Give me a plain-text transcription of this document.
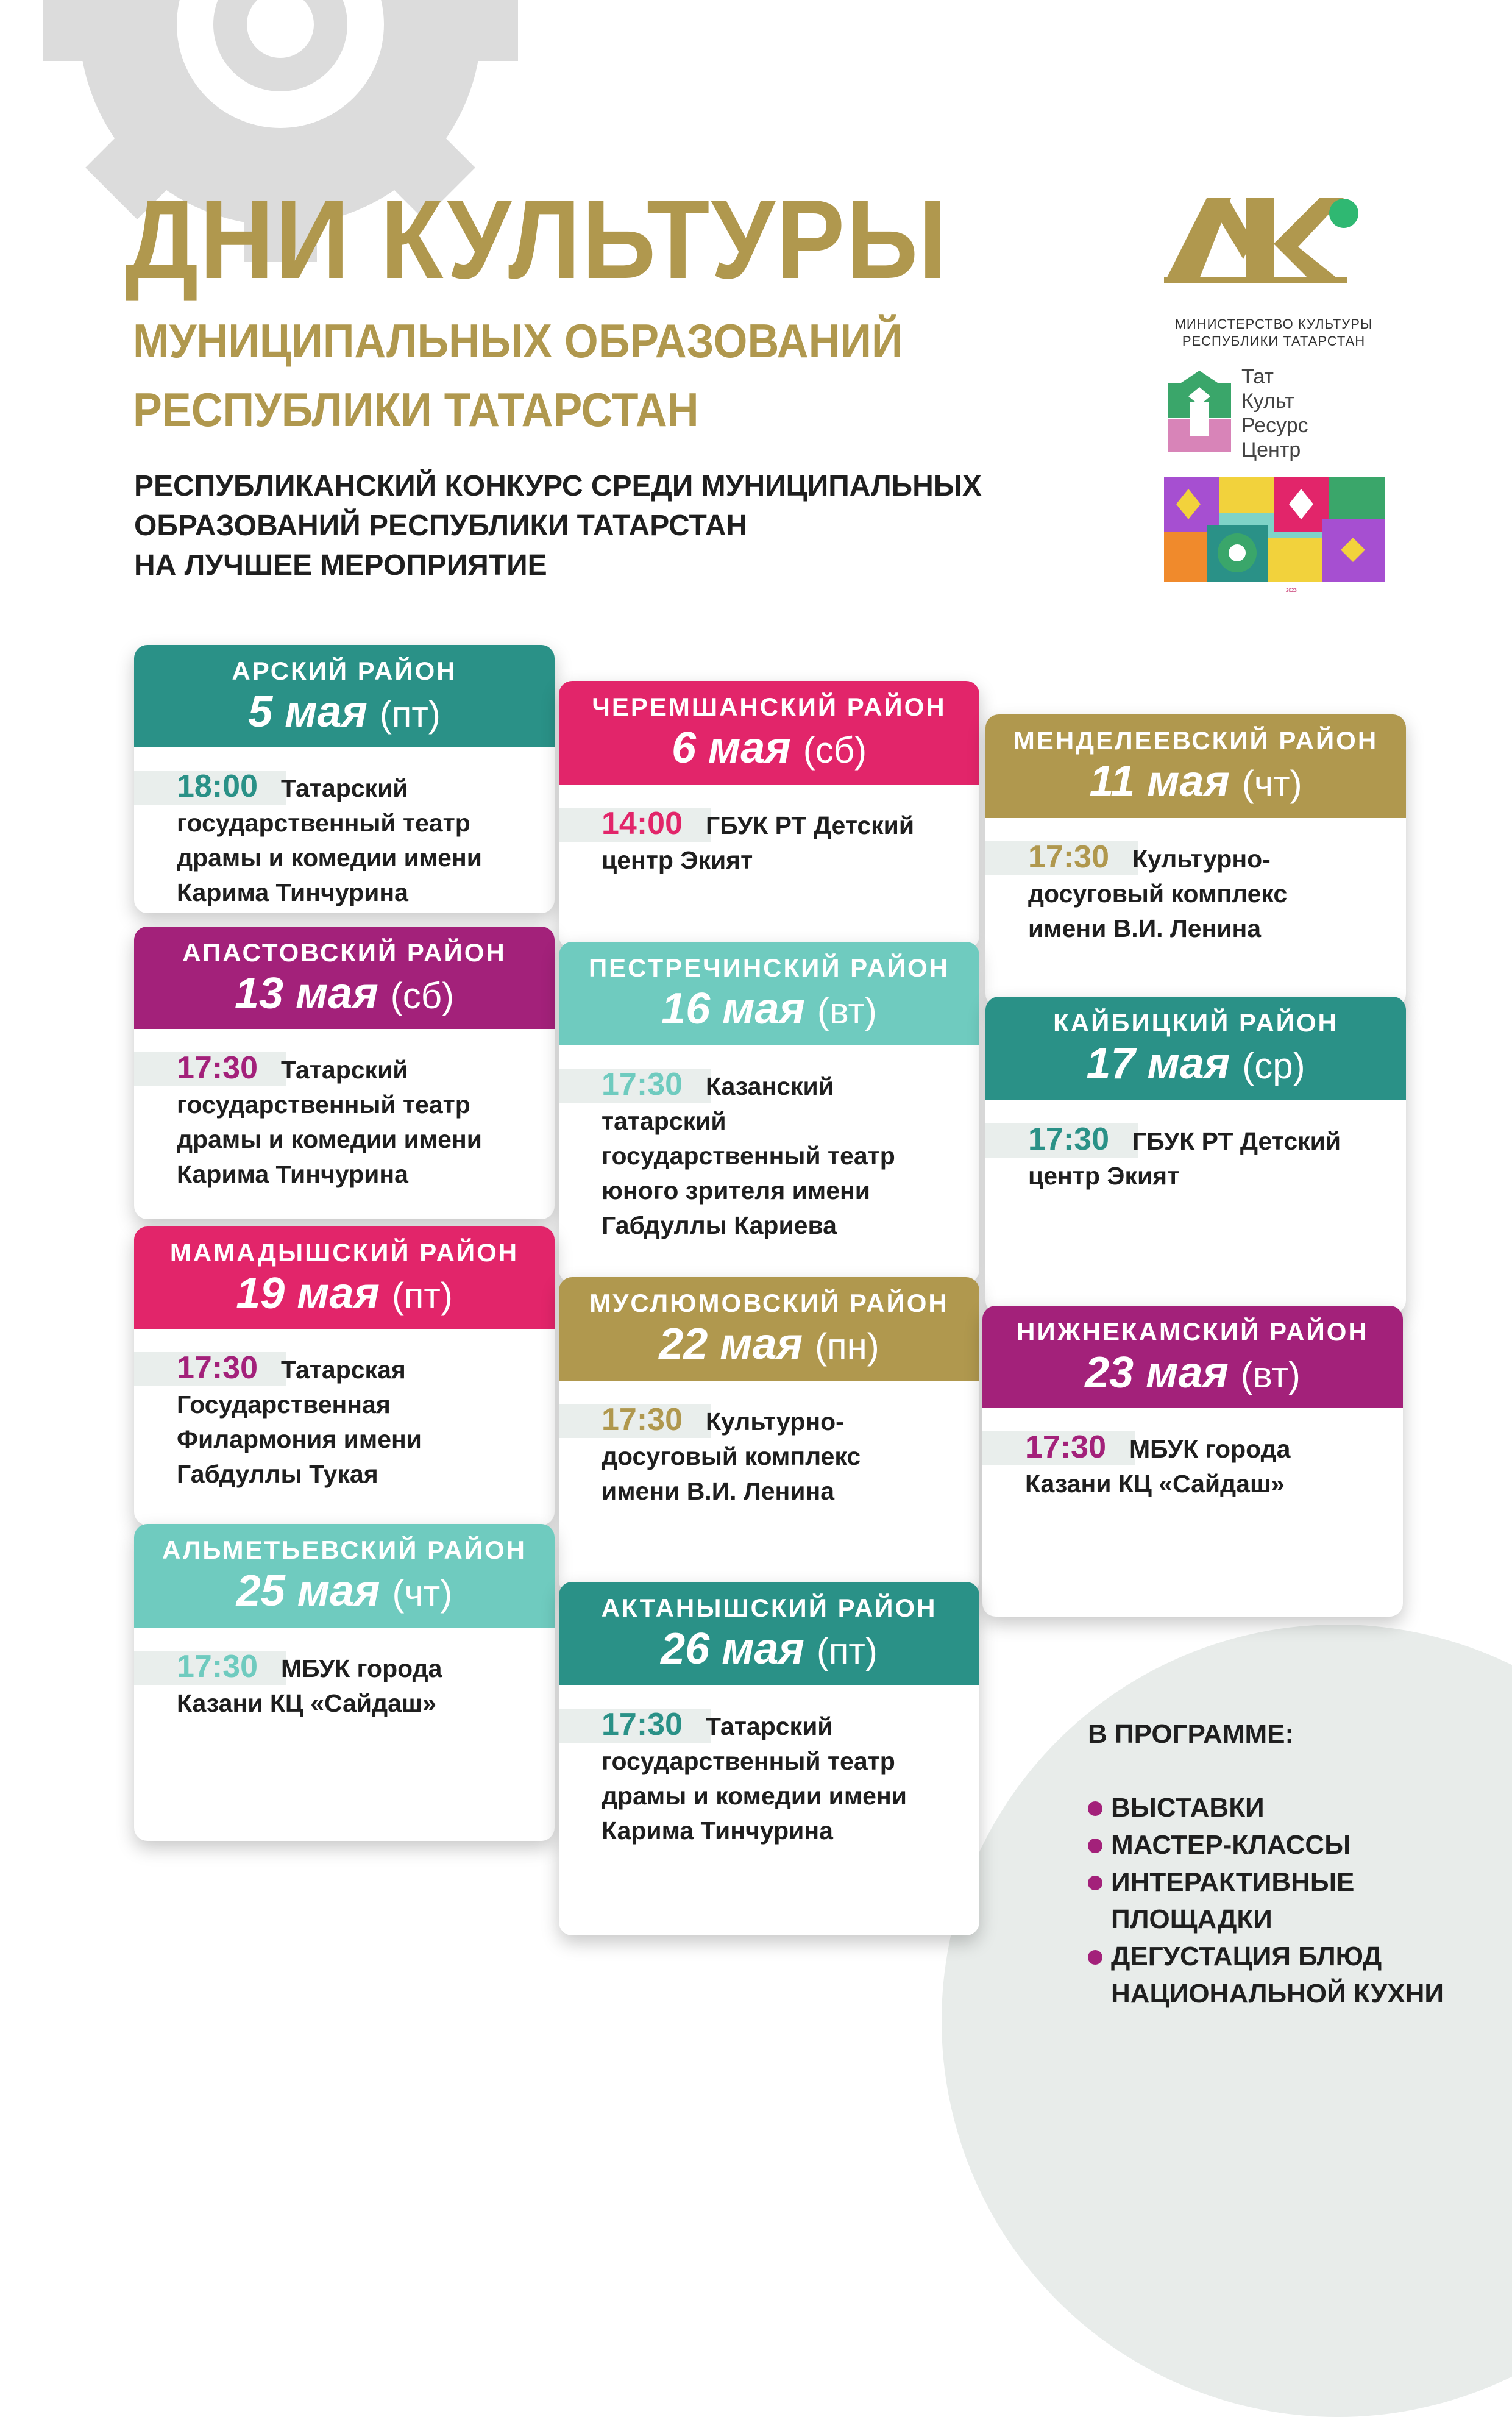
ДНИ КУЛЬТУРЫ
МУНИЦИПАЛЬНЫХ ОБРАЗОВАНИЙ
РЕСПУБЛИКИ ТАТАРСТАН
РЕСПУБЛИКАНСКИЙ КОНКУРС СРЕДИ МУНИЦИПАЛЬНЫХ
ОБРАЗОВАНИЙ РЕСПУБЛИКИ ТАТАРСТАН
НА ЛУЧШЕЕ МЕРОПРИЯТИЕ
МИНИСТЕРСТВО КУЛЬТУРЫ
РЕСПУБЛИКИ ТАТАРСТАН
Тат
Культ
Ресурс
Центр
2023
АРСКИЙ РАЙОН
5 мая (пт)
18:00 Татарский
государственный театр
драмы и комедии имени
Карима Тинчурина
АПАСТОВСКИЙ РАЙОН
13 мая (сб)
17:30 Татарский
государственный театр
драмы и комедии имени
Карима Тинчурина
МАМАДЫШСКИЙ РАЙОН
19 мая (пт)
17:30 Татарская
Государственная
Филармония имени
Габдуллы Тукая
АЛЬМЕТЬЕВСКИЙ РАЙОН
25 мая (чт)
17:30 МБУК города
Казани КЦ «Сайдаш»
ЧЕРЕМШАНСКИЙ РАЙОН
6 мая (сб)
14:00 ГБУК РТ Детский
центр Экият
ПЕСТРЕЧИНСКИЙ РАЙОН
16 мая (вт)
17:30 Казанский
татарский
государственный театр
юного зрителя имени
Габдуллы Кариева
МУСЛЮМОВСКИЙ РАЙОН
22 мая (пн)
17:30 Культурно-
досуговый комплекс
имени В.И. Ленина
АКТАНЫШСКИЙ РАЙОН
26 мая (пт)
17:30 Татарский
государственный театр
драмы и комедии имени
Карима Тинчурина
МЕНДЕЛЕЕВСКИЙ РАЙОН
11 мая (чт)
17:30 Культурно-
досуговый комплекс
имени В.И. Ленина
КАЙБИЦКИЙ РАЙОН
17 мая (ср)
17:30 ГБУК РТ Детский
центр Экият
НИЖНЕКАМСКИЙ РАЙОН
23 мая (вт)
17:30 МБУК города
Казани КЦ «Сайдаш»
В ПРОГРАММЕ:
ВЫСТАВКИ
МАСТЕР-КЛАССЫ
ИНТЕРАКТИВНЫЕ
ПЛОЩАДКИ
ДЕГУСТАЦИЯ БЛЮД
НАЦИОНАЛЬНОЙ КУХНИ
